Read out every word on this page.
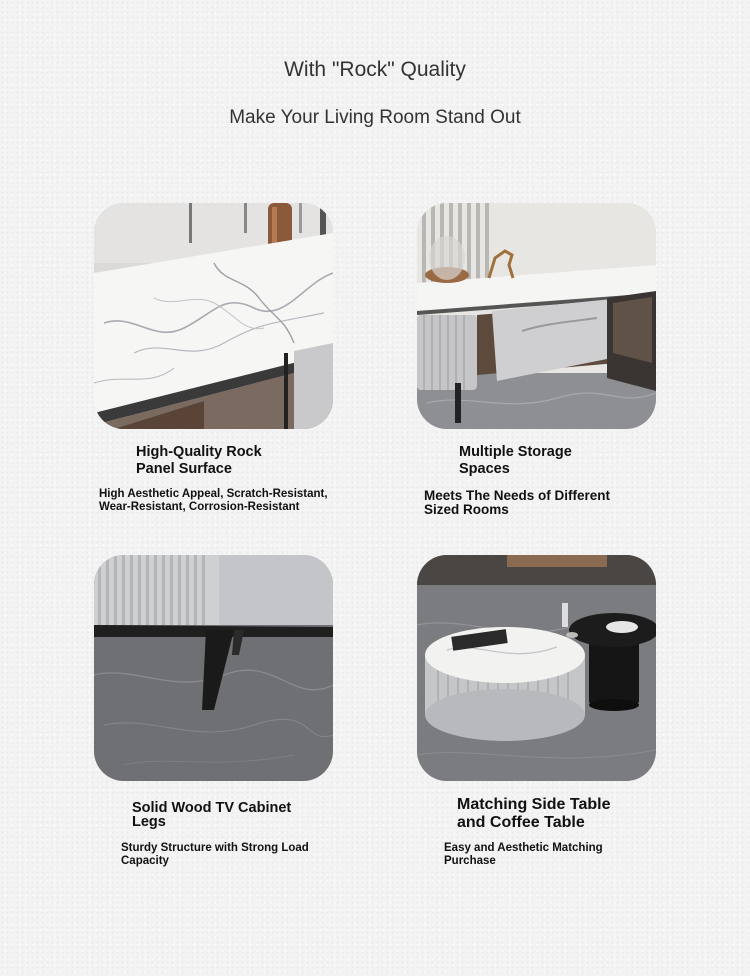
With "Rock" Quality
Make Your Living Room Stand Out
High-Quality Rock
Panel Surface
High Aesthetic Appeal, Scratch-Resistant,
Wear-Resistant, Corrosion-Resistant
Multiple Storage
Spaces
Meets The Needs of Different
Sized Rooms
Solid Wood TV Cabinet
Legs
Sturdy Structure with Strong Load
Capacity
Matching Side Table
and Coffee Table
Easy and Aesthetic Matching
Purchase
